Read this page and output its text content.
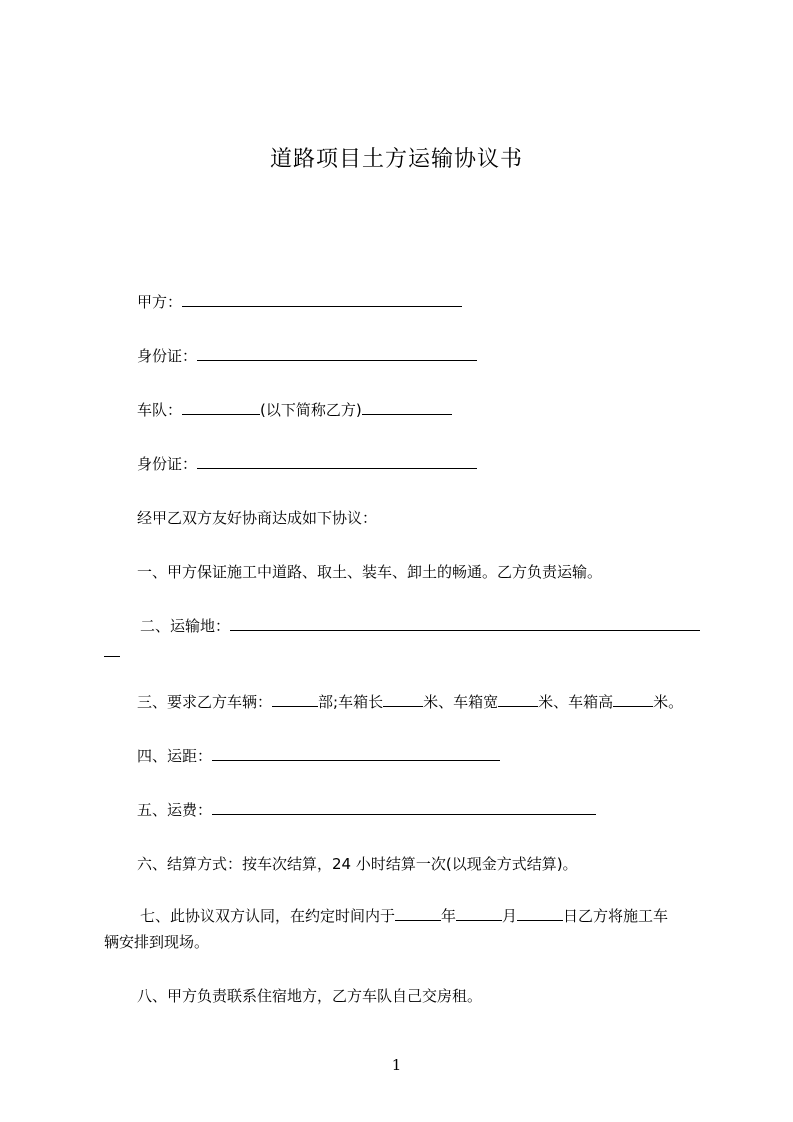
道路项目土方运输协议书
甲方：
身份证：
车队：	(以下简称乙方)
身份证：
经甲乙双方友好协商达成如下协议：
一、甲方保证施工中道路、取土、装车、卸土的畅通。乙方负责运输。
二、运输地：
三、要求乙方车辆：	部;车箱长	米、车箱宽	米、车箱高	米。
四、运距：
五、运费：
六、结算方式：按车次结算，24 小时结算一次(以现金方式结算)。
七、此协议双方认同，在约定时间内于	年	月	日乙方将施工车
辆安排到现场。
八、甲方负责联系住宿地方，乙方车队自己交房租。
1
